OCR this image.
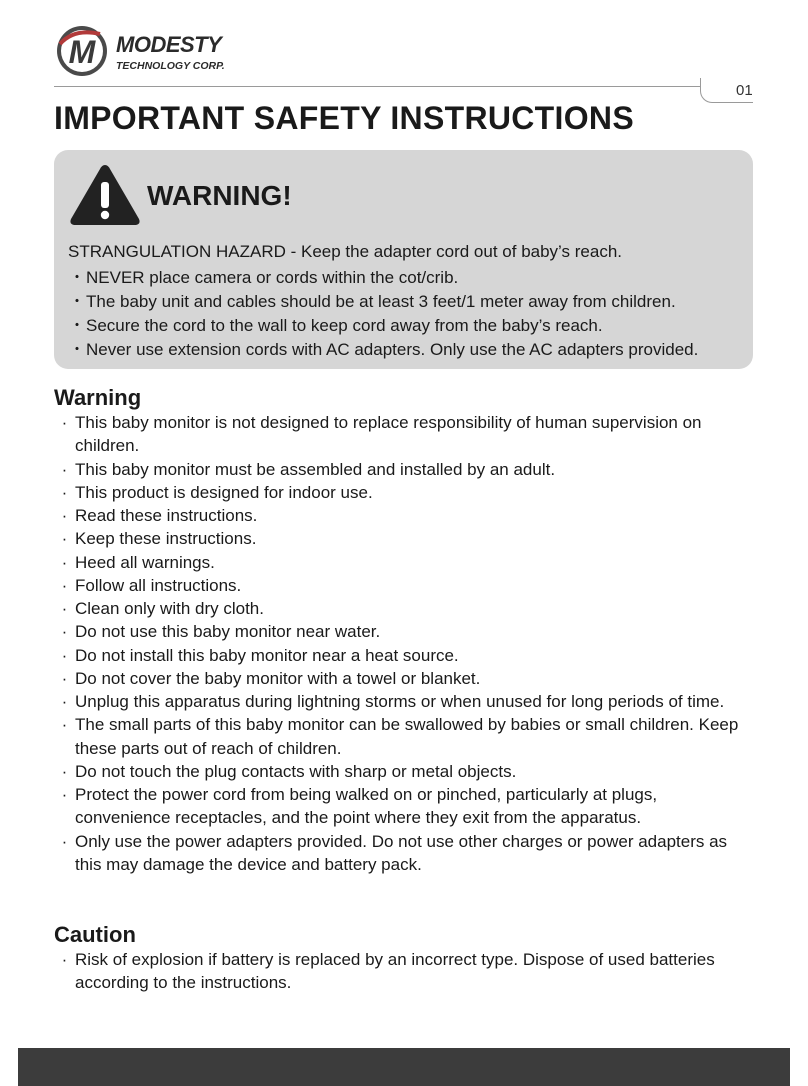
M MODESTY
TECHNOLOGY CORP.
01
IMPORTANT SAFETY INSTRUCTIONS
WARNING!
STRANGULATION HAZARD - Keep the adapter cord out of baby’s reach.
・NEVER place camera or cords within the cot/crib.
・The baby unit and cables should be at least 3 feet/1 meter away from children.
・Secure the cord to the wall to keep cord away from the baby’s reach.
・Never use extension cords with AC adapters. Only use the AC adapters provided.
Warning
· This baby monitor is not designed to replace responsibility of human supervision on children.
· This baby monitor must be assembled and installed by an adult.
· This product is designed for indoor use.
· Read these instructions.
· Keep these instructions.
· Heed all warnings.
· Follow all instructions.
· Clean only with dry cloth.
· Do not use this baby monitor near water.
· Do not install this baby monitor near a heat source.
· Do not cover the baby monitor with a towel or blanket.
· Unplug this apparatus during lightning storms or when unused for long periods of time.
· The small parts of this baby monitor can be swallowed by babies or small children. Keep these parts out of reach of children.
· Do not touch the plug contacts with sharp or metal objects.
· Protect the power cord from being walked on or pinched, particularly at plugs, convenience receptacles, and the point where they exit from the apparatus.
· Only use the power adapters provided. Do not use other charges or power adapters as this may damage the device and battery pack.
Caution
· Risk of explosion if battery is replaced by an incorrect type. Dispose of used batteries according to the instructions.
